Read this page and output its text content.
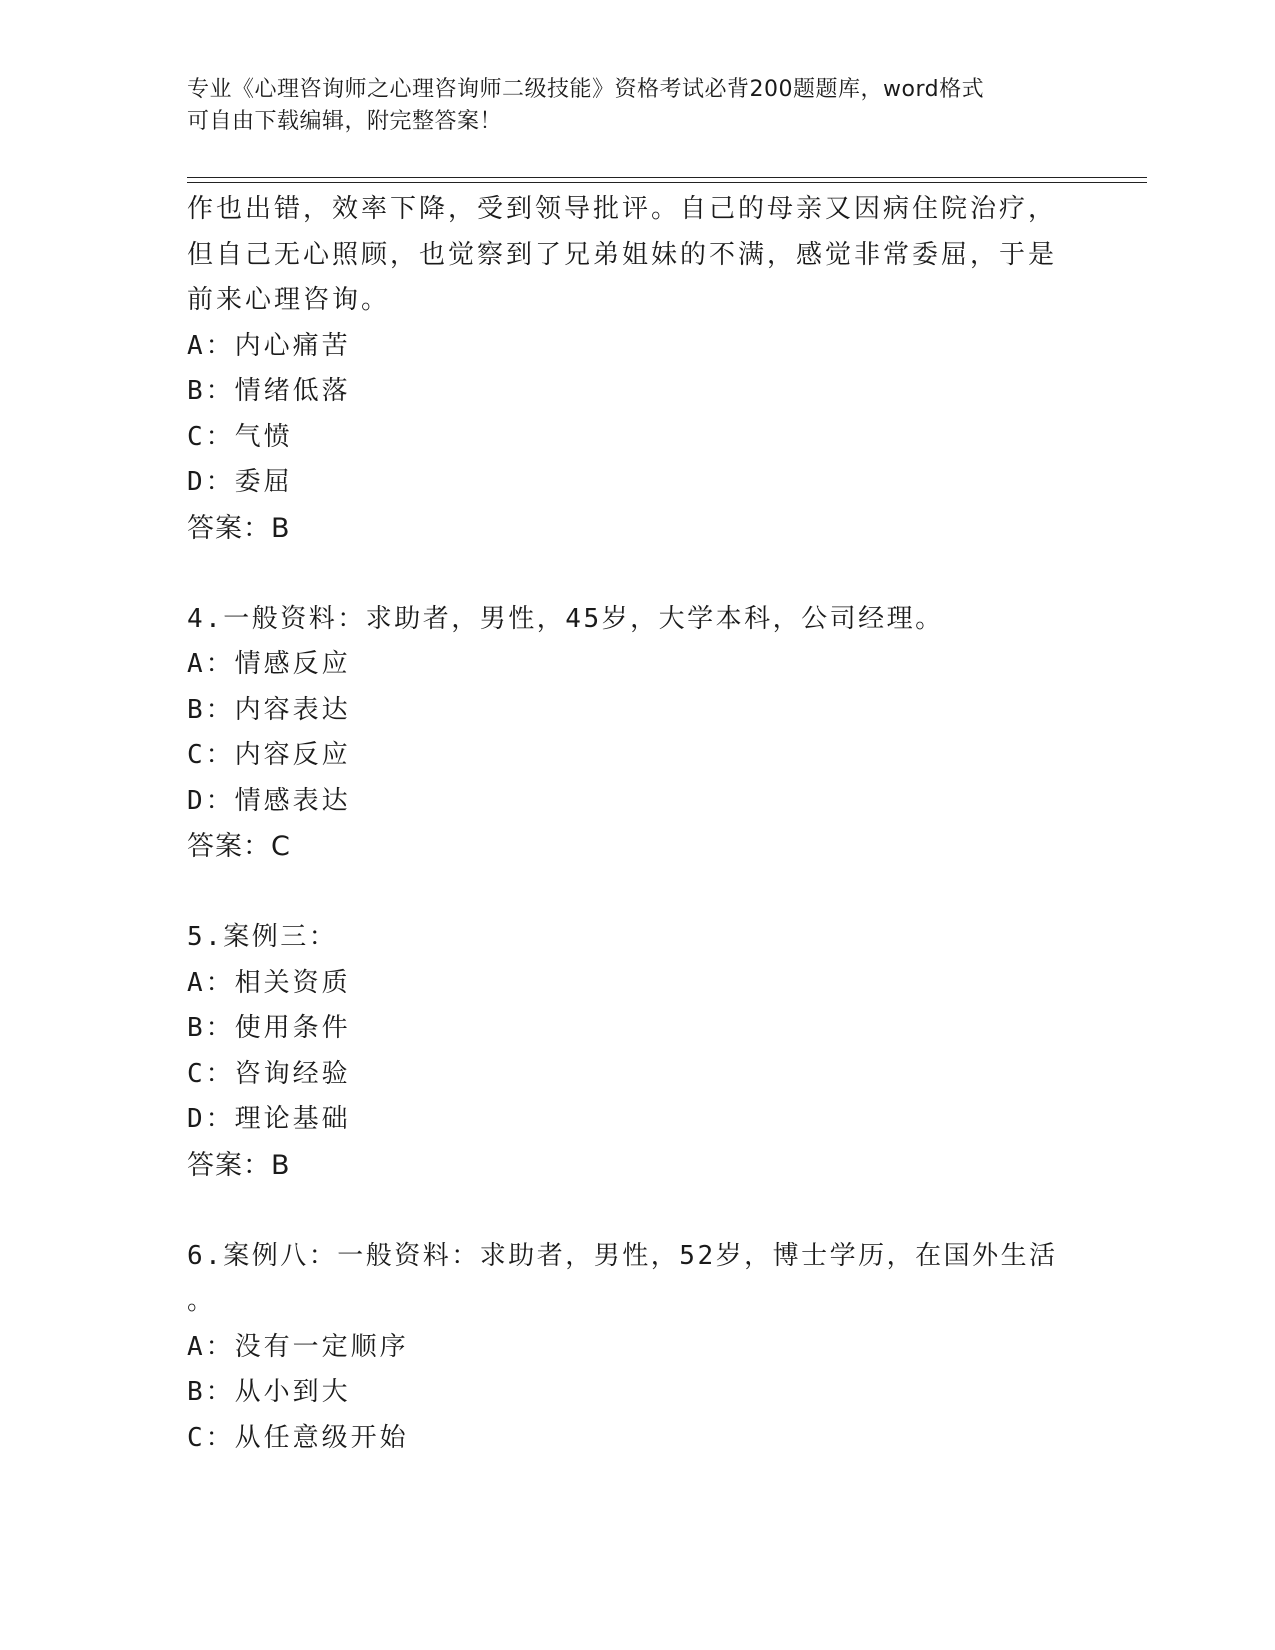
专业《心理咨询师之心理咨询师二级技能》资格考试必背200题题库，word格式
可自由下载编辑，附完整答案！
作也出错，效率下降，受到领导批评。自己的母亲又因病住院治疗，
但自己无心照顾，也觉察到了兄弟姐妹的不满，感觉非常委屈，于是
前来心理咨询。
A：内心痛苦
B：情绪低落
C：气愤
D：委屈
答案：B
4.一般资料：求助者，男性，45岁，大学本科，公司经理。
A：情感反应
B：内容表达
C：内容反应
D：情感表达
答案：C
5.案例三：
A：相关资质
B：使用条件
C：咨询经验
D：理论基础
答案：B
6.案例八：一般资料：求助者，男性，52岁，博士学历，在国外生活
。
A：没有一定顺序
B：从小到大
C：从任意级开始
